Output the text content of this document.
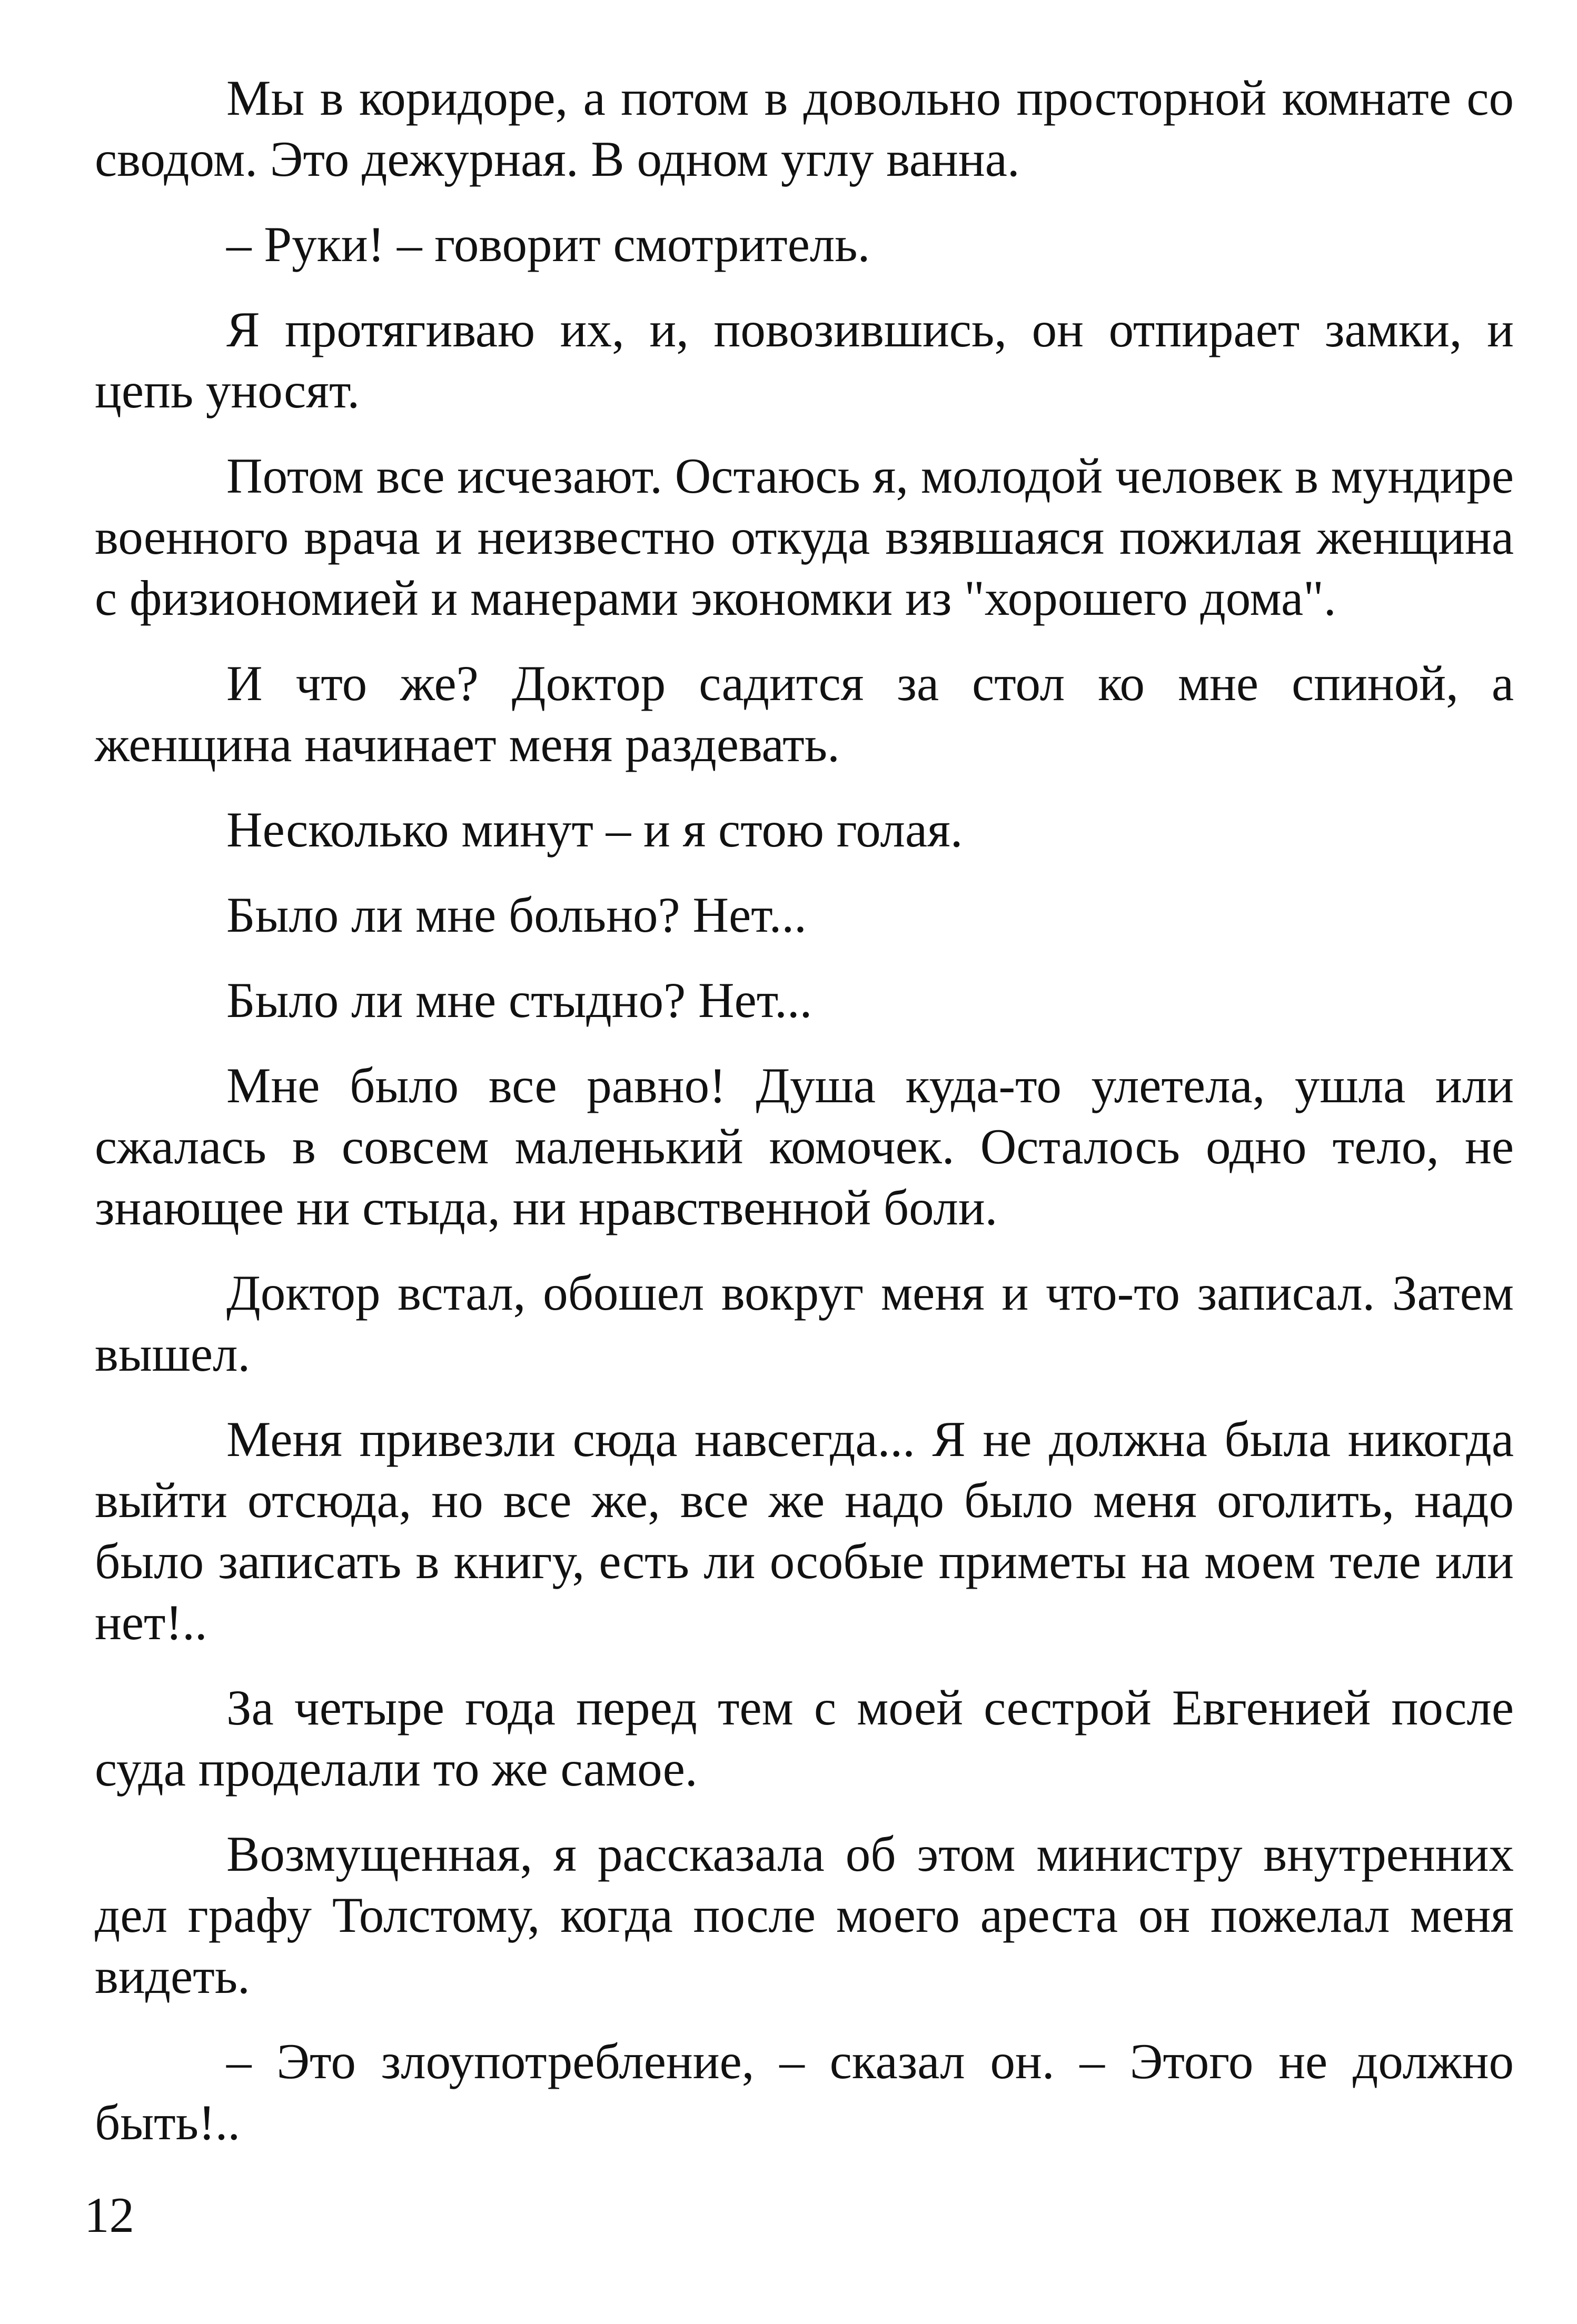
Мы в коридоре, а потом в довольно просторной комнате со сводом. Это дежурная. В одном углу ванна.

– Руки! – говорит смотритель.

Я протягиваю их, и, повозившись, он отпирает замки, и цепь уносят.

Потом все исчезают. Остаюсь я, молодой человек в мундире военного врача и неизвестно откуда взявшаяся пожилая женщина с физиономией и манерами экономки из "хорошего дома".

И что же? Доктор садится за стол ко мне спиной, а женщина начинает меня раздевать.

Несколько минут – и я стою голая.

Было ли мне больно? Нет...

Было ли мне стыдно? Нет...

Мне было все равно! Душа куда-то улетела, ушла или сжалась в совсем маленький комочек. Осталось одно тело, не знающее ни стыда, ни нравственной боли.

Доктор встал, обошел вокруг меня и что-то записал. Затем вышел.

Меня привезли сюда навсегда... Я не должна была никогда выйти отсюда, но все же, все же надо было меня оголить, надо было записать в книгу, есть ли особые приметы на моем теле или нет!..

За четыре года перед тем с моей сестрой Евгенией после суда проделали то же самое.

Возмущенная, я рассказала об этом министру внутренних дел графу Толстому, когда после моего ареста он пожелал меня видеть.

– Это злоупотребление, – сказал он. – Этого не должно быть!..

12
